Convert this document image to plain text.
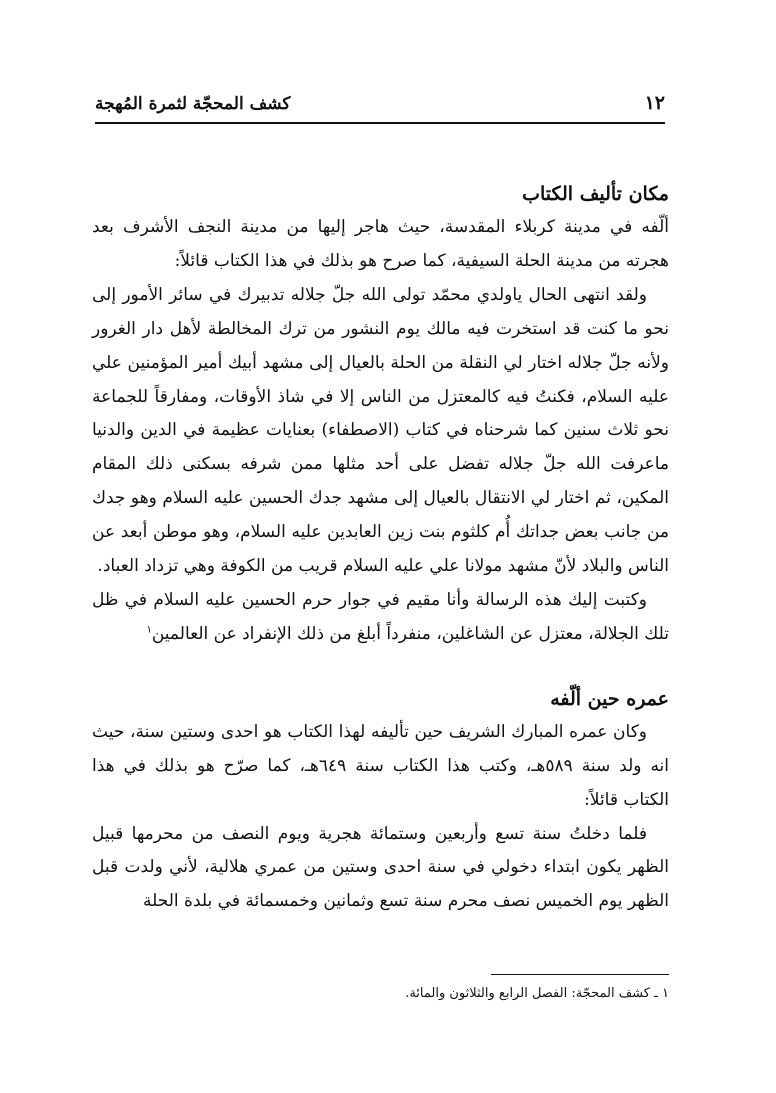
١٢
كشف المحجّة لثمرة المُهجة
مكان تأليف الكتاب

ألّفه في مدينة كربلاء المقدسة، حيث هاجر إليها من مدينة النجف الأشرف بعد هجرته من مدينة الحلة السيفية، كما صرح هو بذلك في هذا الكتاب قائلاً:

ولقد انتهى الحال ياولدي محمّد تولى الله جلّ جلاله تدبيرك في سائر الأمور إلى نحو ما كنت قد استخرت فيه مالك يوم النشور من ترك المخالطة لأهل دار الغرور ولأنه جلّ جلاله اختار لي النقلة من الحلة بالعيال إلى مشهد أبيك أمير المؤمنين علي عليه السلام، فكنتُ فيه كالمعتزل من الناس إلا في شاذ الأوقات، ومفارقاً للجماعة نحو ثلاث سنين كما شرحناه في كتاب (الاصطفاء) بعنايات عظيمة في الدين والدنيا ماعرفت الله جلّ جلاله تفضل على أحد مثلها ممن شرفه بسكنى ذلك المقام المكين، ثم اختار لي الانتقال بالعيال إلى مشهد جدك الحسين عليه السلام وهو جدك من جانب بعض جداتك أُم كلثوم بنت زين العابدين عليه السلام، وهو موطن أبعد عن الناس والبلاد لأنّ مشهد مولانا علي عليه السلام قريب من الكوفة وهي تزداد العباد.

وكتبت إليك هذه الرسالة وأنا مقيم في جوار حرم الحسين عليه السلام في ظل تلك الجلالة، معتزل عن الشاغلين، منفرداً أبلغ من ذلك الإنفراد عن العالمين$^١$

عمره حين ألّفه

وكان عمره المبارك الشريف حين تأليفه لهذا الكتاب هو احدى وستين سنة، حيث انه ولد سنة ٥٨٩هـ، وكتب هذا الكتاب سنة ٦٤٩هـ، كما صرّح هو بذلك في هذا الكتاب قائلاً:

فلما دخلتُ سنة تسع وأربعين وستمائة هجرية ويوم النصف من محرمها قبيل الظهر يكون ابتداء دخولي في سنة احدى وستين من عمري هلالية، لأني ولدت قبل الظهر يوم الخميس نصف محرم سنة تسع وثمانين وخمسمائة في بلدة الحلة

١ ـ كشف المحجّة: الفصل الرابع والثلاثون والمائة.
